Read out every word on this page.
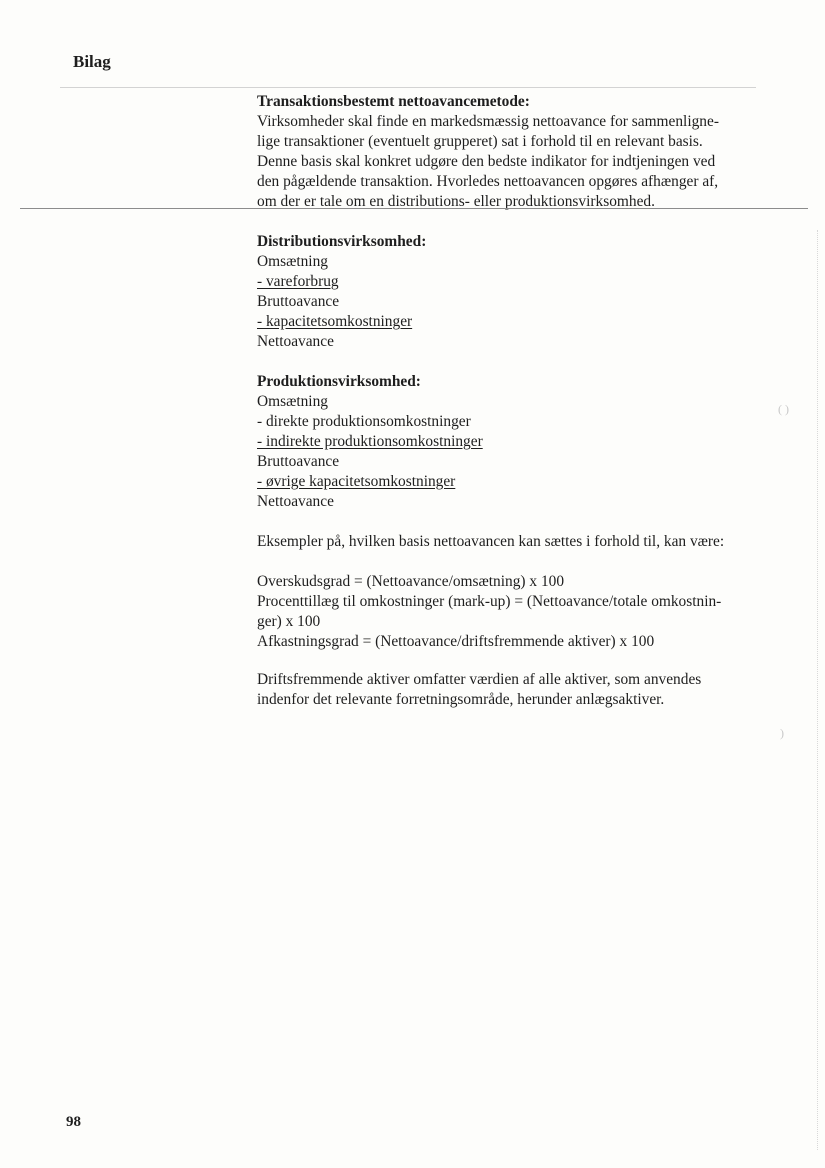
Bilag
Transaktionsbestemt nettoavancemetode:

Virksomheder skal finde en markedsmæssig nettoavance for sammenligne-
lige transaktioner (eventuelt grupperet) sat i forhold til en relevant basis.
Denne basis skal konkret udgøre den bedste indikator for indtjeningen ved
den pågældende transaktion. Hvorledes nettoavancen opgøres afhænger af,
om der er tale om en distributions- eller produktionsvirksomhed.

Distributionsvirksomhed:
Omsætning
- vareforbrug
Bruttoavance
- kapacitetsomkostninger
Nettoavance
Produktionsvirksomhed:
Omsætning
- direkte produktionsomkostninger
- indirekte produktionsomkostninger
Bruttoavance
- øvrige kapacitetsomkostninger
Nettoavance

Eksempler på, hvilken basis nettoavancen kan sættes i forhold til, kan være:

Overskudsgrad = (Nettoavance/omsætning) x 100
Procenttillæg til omkostninger (mark-up) = (Nettoavance/totale omkostnin-
ger) x 100
Afkastningsgrad = (Nettoavance/driftsfremmende aktiver) x 100
Driftsfremmende aktiver omfatter værdien af alle aktiver, som anvendes
indenfor det relevante forretningsområde, herunder anlægsaktiver.
98
( )
)
